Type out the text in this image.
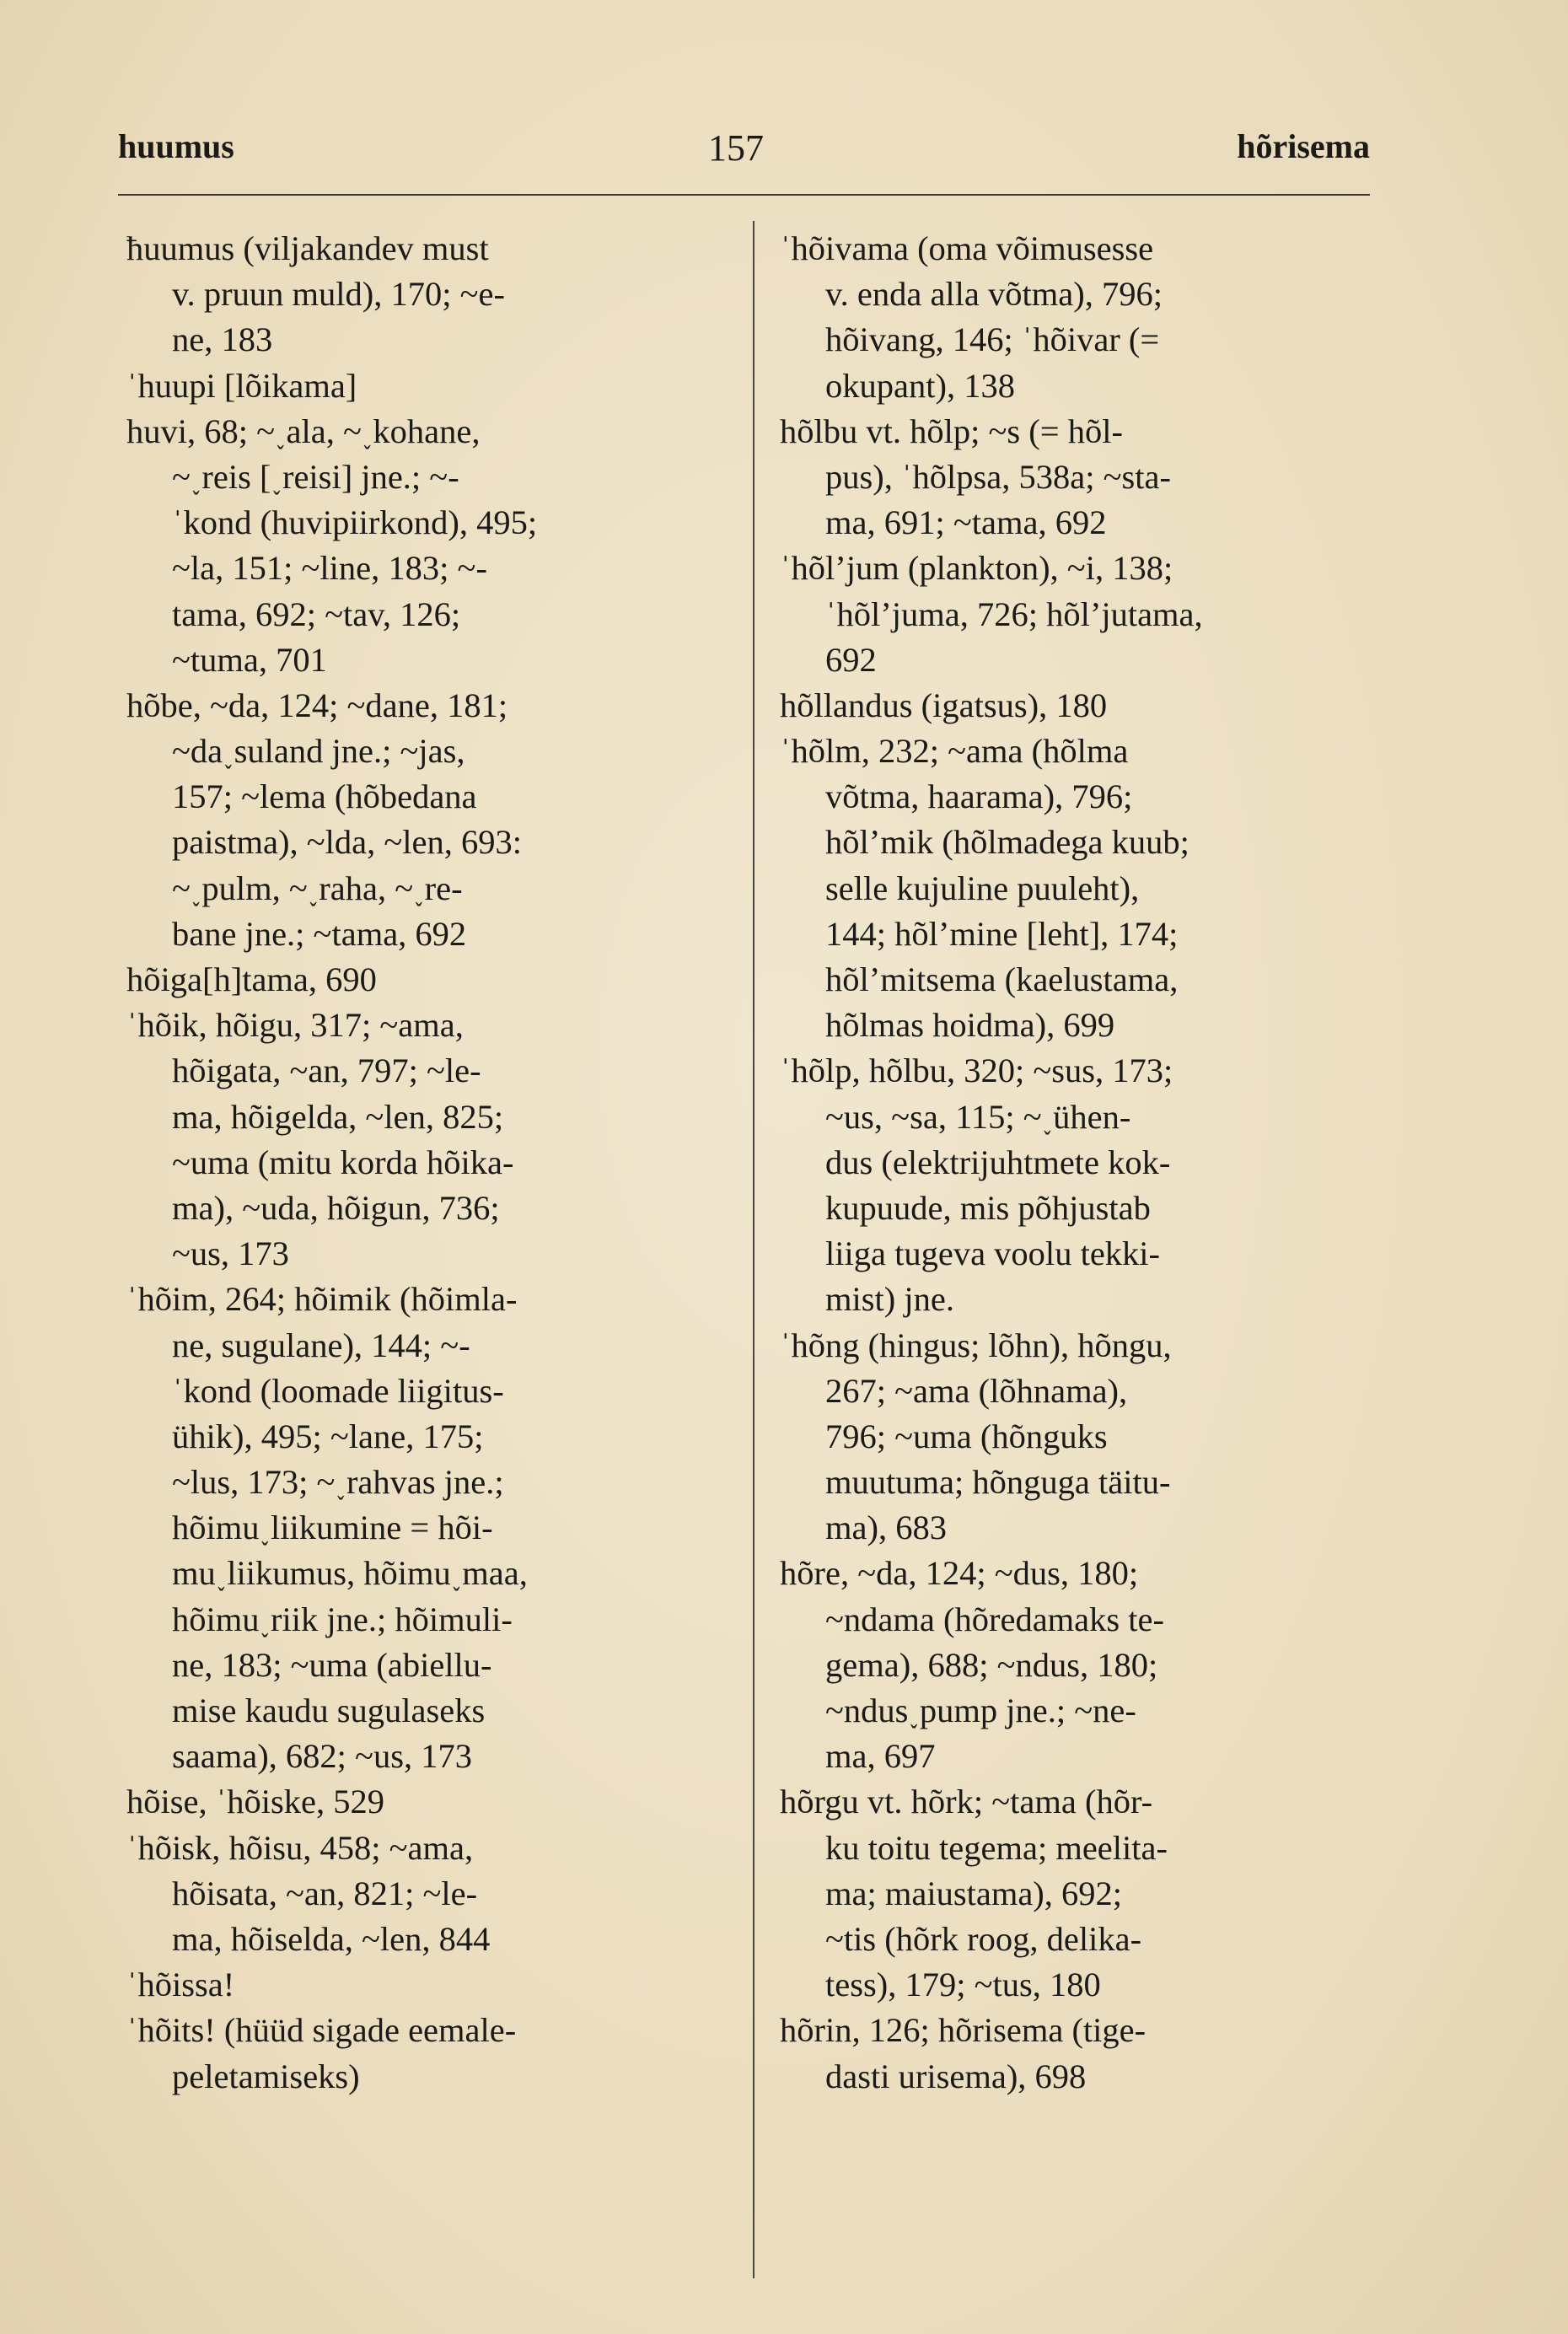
huumus	157	hõrisema
ħuumus (viljakandev must
v. pruun muld), 170; ~e-
ne, 183
ˈhuupi [lõikama]
huvi, 68; ~˯ala, ~˯kohane,
~˯reis [˯reisi] jne.; ~-
ˈkond (huvipiirkond), 495;
~la, 151; ~line, 183; ~-
tama, 692; ~tav, 126;
~tuma, 701
hõbe, ~da, 124; ~dane, 181;
~da˯suland jne.; ~jas,
157; ~lema (hõbedana
paistma), ~lda, ~len, 693:
~˯pulm, ~˯raha, ~˯re-
bane jne.; ~tama, 692
hõiga[h]tama, 690
ˈhõik, hõigu, 317; ~ama,
hõigata, ~an, 797; ~le-
ma, hõigelda, ~len, 825;
~uma (mitu korda hõika-
ma), ~uda, hõigun, 736;
~us, 173
ˈhõim, 264; hõimik (hõimla-
ne, sugulane), 144; ~-
ˈkond (loomade liigitus-
ühik), 495; ~lane, 175;
~lus, 173; ~˯rahvas jne.;
hõimu˯liikumine = hõi-
mu˯liikumus, hõimu˯maa,
hõimu˯riik jne.; hõimuli-
ne, 183; ~uma (abiellu-
mise kaudu sugulaseks
saama), 682; ~us, 173
hõise, ˈhõiske, 529
ˈhõisk, hõisu, 458; ~ama,
hõisata, ~an, 821; ~le-
ma, hõiselda, ~len, 844
ˈhõissa!
ˈhõits! (hüüd sigade eemale-
peletamiseks)
ˈhõivama (oma võimusesse
v. enda alla võtma), 796;
hõivang, 146; ˈhõivar (=
okupant), 138
hõlbu vt. hõlp; ~s (= hõl-
pus), ˈhõlpsa, 538a; ~sta-
ma, 691; ~tama, 692
ˈhõlʼjum (plankton), ~i, 138;
ˈhõlʼjuma, 726; hõlʼjutama,
692
hõllandus (igatsus), 180
ˈhõlm, 232; ~ama (hõlma
võtma, haarama), 796;
hõlʼmik (hõlmadega kuub;
selle kujuline puuleht),
144; hõlʼmine [leht], 174;
hõlʼmitsema (kaelustama,
hõlmas hoidma), 699
ˈhõlp, hõlbu, 320; ~sus, 173;
~us, ~sa, 115; ~˯ühen-
dus (elektrijuhtmete kok-
kupuude, mis põhjustab
liiga tugeva voolu tekki-
mist) jne.
ˈhõng (hingus; lõhn), hõngu,
267; ~ama (lõhnama),
796; ~uma (hõnguks
muutuma; hõnguga täitu-
ma), 683
hõre, ~da, 124; ~dus, 180;
~ndama (hõredamaks te-
gema), 688; ~ndus, 180;
~ndus˯pump jne.; ~ne-
ma, 697
hõrgu vt. hõrk; ~tama (hõr-
ku toitu tegema; meelita-
ma; maiustama), 692;
~tis (hõrk roog, delika-
tess), 179; ~tus, 180
hõrin, 126; hõrisema (tige-
dasti urisema), 698
